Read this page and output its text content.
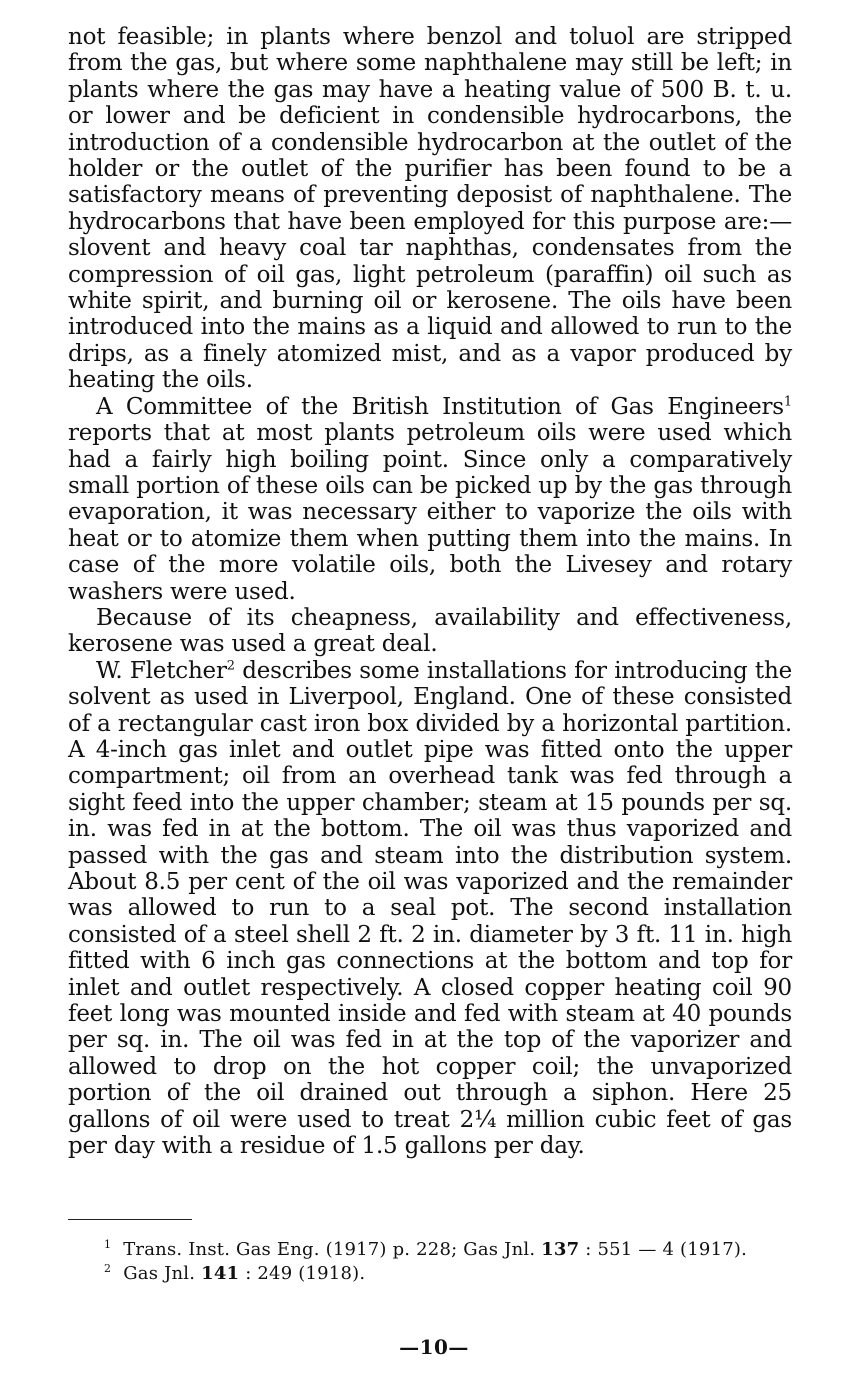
not feasible; in plants where benzol and toluol are stripped from the gas, but where some naphthalene may still be left; in plants where the gas may have a heating value of 500 B. t. u. or lower and be deficient in condensible hydrocarbons, the introduction of a condensible hydrocarbon at the outlet of the holder or the outlet of the purifier has been found to be a satisfactory means of preventing deposist of naphthalene. The hydrocarbons that have been employed for this purpose are:—slovent and heavy coal tar naphthas, condensates from the compression of oil gas, light petroleum (paraffin) oil such as white spirit, and burning oil or kerosene. The oils have been introduced into the mains as a liquid and allowed to run to the drips, as a finely atomized mist, and as a vapor produced by heating the oils.

A Committee of the British Institution of Gas Engineers$^1$ reports that at most plants petroleum oils were used which had a fairly high boiling point. Since only a comparatively small portion of these oils can be picked up by the gas through evaporation, it was necessary either to vaporize the oils with heat or to atomize them when putting them into the mains. In case of the more volatile oils, both the Livesey and rotary washers were used.

Because of its cheapness, availability and effectiveness, kerosene was used a great deal.

W. Fletcher$^2$ describes some installations for introducing the solvent as used in Liverpool, England. One of these consisted of a rectangular cast iron box divided by a horizontal partition. A 4-inch gas inlet and outlet pipe was fitted onto the upper compartment; oil from an overhead tank was fed through a sight feed into the upper chamber; steam at 15 pounds per sq. in. was fed in at the bottom. The oil was thus vaporized and passed with the gas and steam into the distribution system. About 8.5 per cent of the oil was vaporized and the remainder was allowed to run to a seal pot. The second installation consisted of a steel shell 2 ft. 2 in. diameter by 3 ft. 11 in. high fitted with 6 inch gas connections at the bottom and top for inlet and outlet respectively. A closed copper heating coil 90 feet long was mounted inside and fed with steam at 40 pounds per sq. in. The oil was fed in at the top of the vaporizer and allowed to drop on the hot copper coil; the unvaporized portion of the oil drained out through a siphon. Here 25 gallons of oil were used to treat 2¼ million cubic feet of gas per day with a residue of 1.5 gallons per day.

$^1$ Trans. Inst. Gas Eng. (1917) p. 228; Gas Jnl. 137 : 551 — 4 (1917).

$^2$ Gas Jnl. 141 : 249 (1918).

—10—
